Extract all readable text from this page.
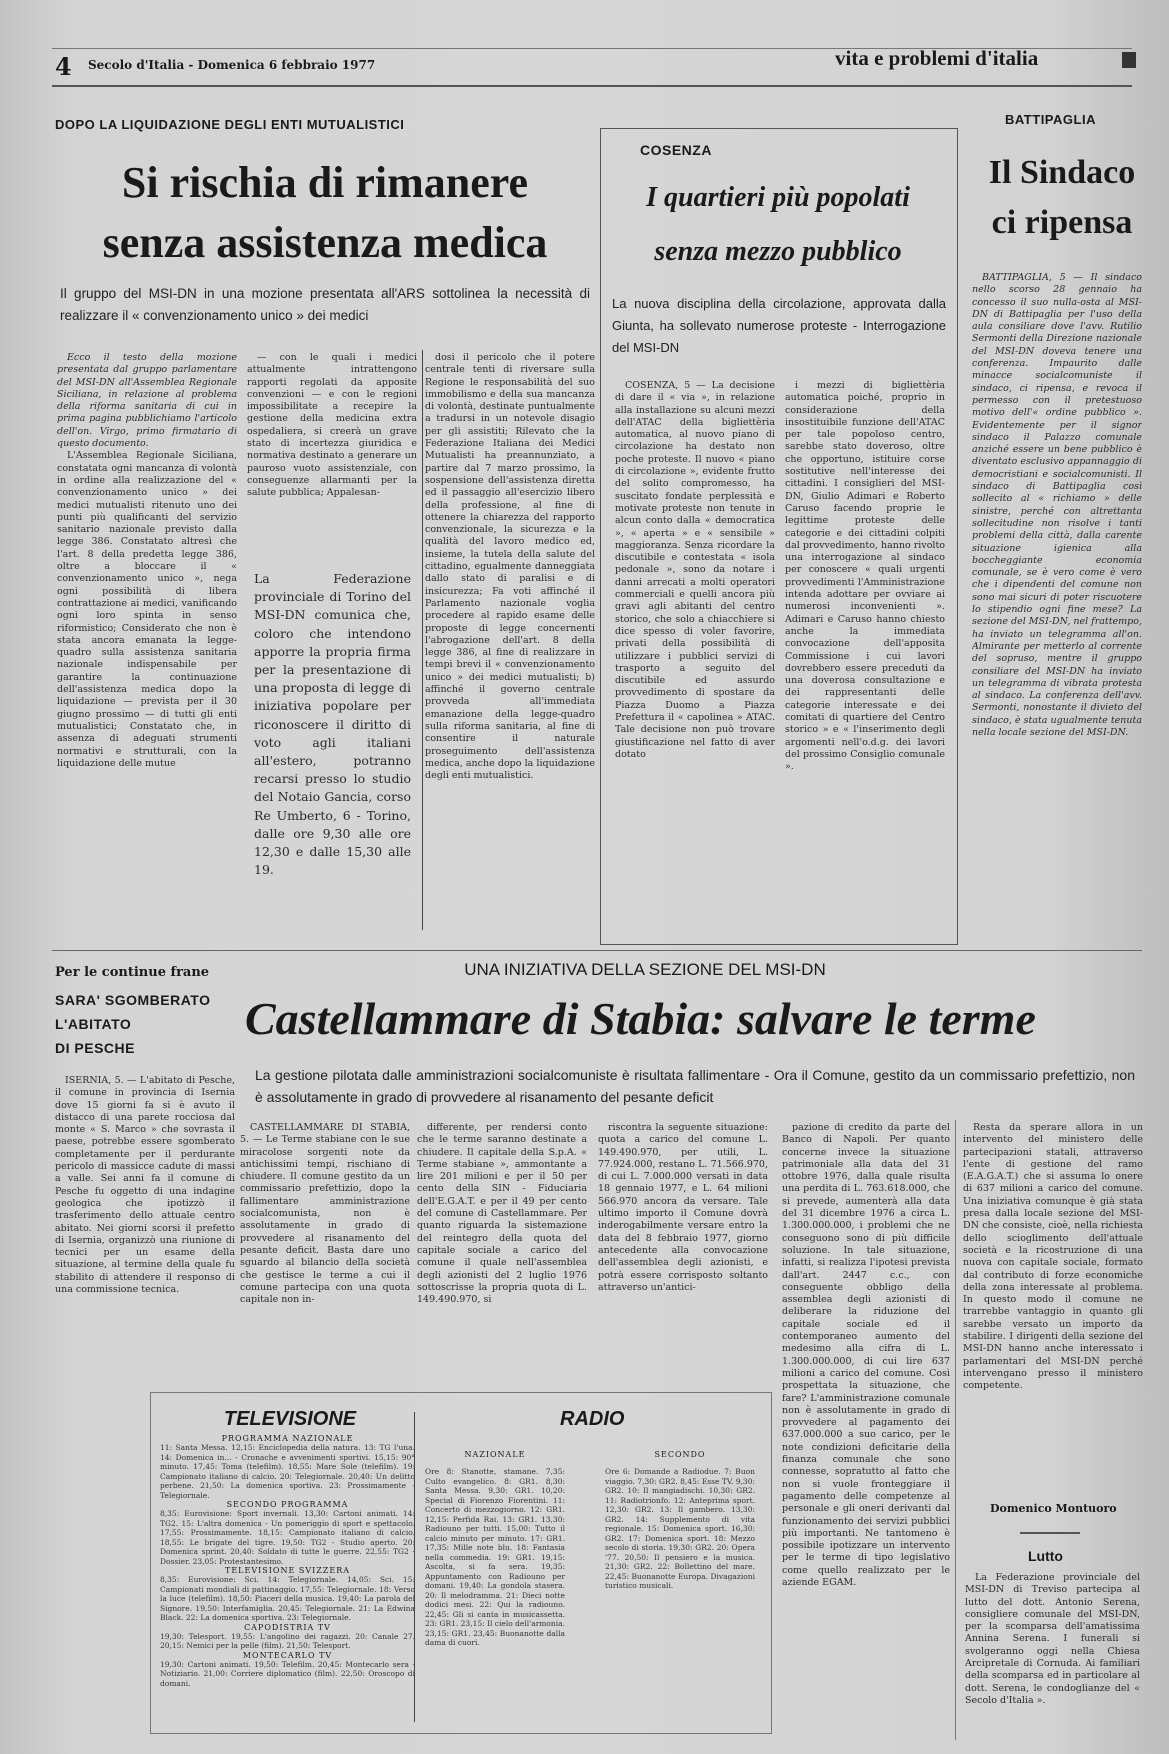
4 Secolo d'Italia - Domenica 6 febbraio 1977	vita e problemi d'italia
DOPO LA LIQUIDAZIONE DEGLI ENTI MUTUALISTICI
Si rischia di rimanere
senza assistenza medica
Il gruppo del MSI-DN in una mozione presentata all'ARS sottolinea la necessità di realizzare il « convenzionamento unico » dei medici

Ecco il testo della mozione presentata dal gruppo parlamentare del MSI-DN all'Assemblea Regionale Siciliana, in relazione al problema della riforma sanitaria di cui in prima pagina pubblichiamo l'articolo dell'on. Virgo, primo firmatario di questo documento.

L'Assemblea Regionale Siciliana, constatata ogni mancanza di volontà in ordine alla realizzazione del « convenzionamento unico » dei medici mutualisti ritenuto uno dei punti più qualificanti del servizio sanitario nazionale previsto dalla legge 386. Constatato altresì che l'art. 8 della predetta legge 386, oltre a bloccare il « convenzionamento unico », nega ogni possibilità di libera contrattazione ai medici, vanificando ogni loro spinta in senso riformistico; Considerato che non è stata ancora emanata la legge-quadro sulla assistenza sanitaria nazionale indispensabile per garantire la continuazione dell'assistenza medica dopo la liquidazione — prevista per il 30 giugno prossimo — di tutti gli enti mutualistici; Constatato che, in assenza di adeguati strumenti normativi e strutturali, con la liquidazione delle mutue

— con le quali i medici attualmente intrattengono rapporti regolati da apposite convenzioni — e con le regioni impossibilitate a recepire la gestione della medicina extra ospedaliera, si creerà un grave stato di incertezza giuridica e normativa destinato a generare un pauroso vuoto assistenziale, con conseguenze allarmanti per la salute pubblica; Appalesan-

La Federazione provinciale di Torino del MSI-DN comunica che, coloro che intendono apporre la propria firma per la presentazione di una proposta di legge di iniziativa popolare per riconoscere il diritto di voto agli italiani all'estero, potranno recarsi presso lo studio del Notaio Gancia, corso Re Umberto, 6 - Torino, dalle ore 9,30 alle ore 12,30 e dalle 15,30 alle 19.

dosi il pericolo che il potere centrale tenti di riversare sulla Regione le responsabilità del suo immobilismo e della sua mancanza di volontà, destinate puntualmente a tradursi in un notevole disagio per gli assistiti; Rilevato che la Federazione Italiana dei Medici Mutualisti ha preannunziato, a partire dal 7 marzo prossimo, la sospensione dell'assistenza diretta ed il passaggio all'esercizio libero della professione, al fine di ottenere la chiarezza del rapporto convenzionale, la sicurezza e la qualità del lavoro medico ed, insieme, la tutela della salute del cittadino, egualmente danneggiata dallo stato di paralisi e di insicurezza; Fa voti affinché il Parlamento nazionale voglia procedere al rapido esame delle proposte di legge concernenti l'abrogazione dell'art. 8 della legge 386, al fine di realizzare in tempi brevi il « convenzionamento unico » dei medici mutualisti; b) affinché il governo centrale provveda all'immediata emanazione della legge-quadro sulla riforma sanitaria, al fine di consentire il naturale proseguimento dell'assistenza medica, anche dopo la liquidazione degli enti mutualistici.

COSENZA
I quartieri più popolati
senza mezzo pubblico
La nuova disciplina della circolazione, approvata dalla Giunta, ha sollevato numerose proteste - Interrogazione del MSI-DN

COSENZA, 5 — La decisione di dare il « via », in relazione alla installazione su alcuni mezzi dell'ATAC della bigliettèria automatica, al nuovo piano di circolazione ha destato non poche proteste. Il nuovo « piano di circolazione », evidente frutto del solito compromesso, ha suscitato fondate perplessità e motivate proteste non tenute in alcun conto dalla « democratica », « aperta » e « sensibile » maggioranza. Senza ricordare la discutibile e contestata « isola pedonale », sono da notare i danni arrecati a molti operatori commerciali e quelli ancora più gravi agli abitanti del centro storico, che solo a chiacchiere si dice spesso di voler favorire, privati della possibilità di utilizzare i pubblici servizi di trasporto a seguito del discutibile ed assurdo provvedimento di spostare da Piazza Duomo a Piazza Prefettura il « capolinea » ATAC. Tale decisione non può trovare giustificazione nel fatto di aver dotato

i mezzi di bigliettèria automatica poiché, proprio in considerazione della insostituibile funzione dell'ATAC per tale popoloso centro, sarebbe stato doveroso, oltre che opportuno, istituire corse sostitutive nell'interesse dei cittadini. I consiglieri del MSI-DN, Giulio Adimari e Roberto Caruso facendo proprie le legittime proteste delle categorie e dei cittadini colpiti dal provvedimento, hanno rivolto una interrogazione al sindaco per conoscere « quali urgenti provvedimenti l'Amministrazione intenda adottare per ovviare ai numerosi inconvenienti ». Adimari e Caruso hanno chiesto anche la immediata convocazione dell'apposita Commissione i cui lavori dovrebbero essere preceduti da una doverosa consultazione e dei rappresentanti delle categorie interessate e dei comitati di quartiere del Centro storico » e « l'inserimento degli argomenti nell'o.d.g. dei lavori del prossimo Consiglio comunale ».

BATTIPAGLIA
Il Sindaco
ci ripensa

BATTIPAGLIA, 5 — Il sindaco nello scorso 28 gennaio ha concesso il suo nulla-osta al MSI-DN di Battipaglia per l'uso della aula consiliare dove l'avv. Rutilio Sermonti della Direzione nazionale del MSI-DN doveva tenere una conferenza. Impaurito dalle minacce socialcomuniste il sindaco, ci ripensa, e revoca il permesso con il pretestuoso motivo dell'« ordine pubblico ». Evidentemente per il signor sindaco il Palazzo comunale anziché essere un bene pubblico è diventato esclusivo appannaggio di democristiani e socialcomunisti. Il sindaco di Battipaglia così sollecito al « richiamo » delle sinistre, perché con altrettanta sollecitudine non risolve i tanti problemi della città, dalla carente situazione igienica alla boccheggiante economia comunale, se è vero come è vero che i dipendenti del comune non sono mai sicuri di poter riscuotere lo stipendio ogni fine mese? La sezione del MSI-DN, nel frattempo, ha inviato un telegramma all'on. Almirante per metterlo al corrente del sopruso, mentre il gruppo consiliare del MSI-DN ha inviato un telegramma di vibrata protesta al sindaco. La conferenza dell'avv. Sermonti, nonostante il divieto del sindaco, è stata ugualmente tenuta nella locale sezione del MSI-DN.

Per le continue frane
SARA' SGOMBERATO
L'ABITATO
DI PESCHE

ISERNIA, 5. — L'abitato di Pesche, il comune in provincia di Isernia dove 15 giorni fa si è avuto il distacco di una parete rocciosa dal monte « S. Marco » che sovrasta il paese, potrebbe essere sgomberato completamente per il perdurante pericolo di massicce cadute di massi a valle. Sei anni fa il comune di Pesche fu oggetto di una indagine geologica che ipotizzò il trasferimento dello attuale centro abitato. Nei giorni scorsi il prefetto di Isernia, organizzò una riunione di tecnici per un esame della situazione, al termine della quale fu stabilito di attendere il responso di una commissione tecnica.

UNA INIZIATIVA DELLA SEZIONE DEL MSI-DN
Castellammare di Stabia: salvare le terme
La gestione pilotata dalle amministrazioni socialcomuniste è risultata fallimentare - Ora il Comune, gestito da un commissario prefettizio, non è assolutamente in grado di provvedere al risanamento del pesante deficit

CASTELLAMMARE DI STABIA, 5. — Le Terme stabiane con le sue miracolose sorgenti note da antichissimi tempi, rischiano di chiudere. Il comune gestito da un commissario prefettizio, dopo la fallimentare amministrazione socialcomunista, non è assolutamente in grado di provvedere al risanamento del pesante deficit. Basta dare uno sguardo al bilancio della società che gestisce le terme a cui il comune partecipa con una quota capitale non in-

differente, per rendersi conto che le terme saranno destinate a chiudere. Il capitale della S.p.A. « Terme stabiane », ammontante a lire 201 milioni e per il 50 per cento della SIN - Fiduciaria dell'E.G.A.T. e per il 49 per cento del comune di Castellammare. Per quanto riguarda la sistemazione del reintegro della quota del capitale sociale a carico del comune il quale nell'assemblea degli azionisti del 2 luglio 1976 sottoscrisse la propria quota di L. 149.490.970, si

riscontra la seguente situazione: quota a carico del comune L. 149.490.970, per utili, L. 77.924.000, restano L. 71.566.970, di cui L. 7.000.000 versati in data 18 gennaio 1977, e L. 64 milioni 566.970 ancora da versare. Tale ultimo importo il Comune dovrà inderogabilmente versare entro la data del 8 febbraio 1977, giorno antecedente alla convocazione dell'assemblea degli azionisti, e potrà essere corrisposto soltanto attraverso un'antici-

pazione di credito da parte del Banco di Napoli. Per quanto concerne invece la situazione patrimoniale alla data del 31 ottobre 1976, dalla quale risulta una perdita di L. 763.618.000, che si prevede, aumenterà alla data del 31 dicembre 1976 a circa L. 1.300.000.000, i problemi che ne conseguono sono di più difficile soluzione. In tale situazione, infatti, si realizza l'ipotesi prevista dall'art. 2447 c.c., con conseguente obbligo della assemblea degli azionisti di deliberare la riduzione del capitale sociale ed il contemporaneo aumento del medesimo alla cifra di L. 1.300.000.000, di cui lire 637 milioni a carico del comune. Così prospettata la situazione, che fare? L'amministrazione comunale non è assolutamente in grado di provvedere al pagamento dei 637.000.000 a suo carico, per le note condizioni deficitarie della finanza comunale che sono connesse, sopratutto al fatto che non si vuole fronteggiare il pagamento delle competenze al personale e gli oneri derivanti dal funzionamento dei servizi pubblici più importanti. Ne tantomeno è possibile ipotizzare un intervento per le terme di tipo legislativo come quello realizzato per le aziende EGAM.

Resta da sperare allora in un intervento del ministero delle partecipazioni statali, attraverso l'ente di gestione del ramo (E.A.G.A.T.) che si assuma lo onere di 637 milioni a carico del comune. Una iniziativa comunque è già stata presa dalla locale sezione del MSI-DN che consiste, cioè, nella richiesta dello scioglimento dell'attuale società e la ricostruzione di una nuova con capitale sociale, formato dal contributo di forze economiche della zona interessate al problema. In questo modo il comune ne trarrebbe vantaggio in quanto gli sarebbe versato un importo da stabilire. I dirigenti della sezione del MSI-DN hanno anche interessato i parlamentari del MSI-DN perché intervengano presso il ministero competente.

Domenico Montuoro
Lutto

La Federazione provinciale del MSI-DN di Treviso partecipa al lutto del dott. Antonio Serena, consigliere comunale del MSI-DN, per la scomparsa dell'amatissima Annina Serena. I funerali si svolgeranno oggi nella Chiesa Arcipretale di Cornuda. Ai familiari della scomparsa ed in particolare al dott. Serena, le condoglianze del « Secolo d'Italia ».

TELEVISIONE
PROGRAMMA NAZIONALE
11: Santa Messa. 12,15: Enciclopedia della natura. 13: TG l'una. 14: Domenica in... - Cronache e avvenimenti sportivi. 15,15: 90° minuto. 17,45: Toma (telefilm). 18,55: Mare Sole (telefilm). 19: Campionato italiano di calcio. 20: Telegiornale. 20,40: Un delitto perbene. 21,50: La domenica sportiva. 23: Prossimamente - Telegiornale.
SECONDO PROGRAMMA
8,35: Eurovisione: Sport invernali. 13,30: Cartoni animati. 14: TG2. 15: L'altra domenica - Un pomeriggio di sport e spettacolo. 17,55: Prossimamente. 18,15: Campionato italiano di calcio. 18,55: Le brigate del tigre. 19,50: TG2 - Studio aperto. 20: Domenica sprint. 20,40: Soldato di tutte le guerre. 22,55: TG2 - Dossier. 23,05: Protestantesimo.
TELEVISIONE SVIZZERA
8,35: Eurovisione: Sci. 14: Telegiornale. 14,05: Sci. 15: Campionati mondiali di pattinaggio. 17,55: Telegiornale. 18: Verso la luce (telefilm). 18,50: Piaceri della musica. 19,40: La parola del Signore. 19,50: Interfamiglia. 20,45: Telegiornale. 21: La Edwina Black. 22: La domenica sportiva. 23: Telegiornale.
CAPODISTRIA TV
19,30: Telesport. 19,55: L'angolino dei ragazzi. 20: Canale 27. 20,15: Nemici per la pelle (film). 21,50: Telesport.
MONTECARLO TV
19,30: Cartoni animati. 19,50: Telefilm. 20,45: Montecarlo sera - Notiziario. 21,00: Corriere diplomatico (film). 22,50: Oroscopo di domani.
RADIO
NAZIONALE
Ore 8: Stanotte, stamane. 7,35: Culto evangelico. 8: GR1. 8,30: Santa Messa. 9,30: GR1. 10,20: Special di Fiorenzo Fiorentini. 11: Concerto di mezzogiorno. 12: GR1. 12,15: Perfida Rai. 13: GR1. 13,30: Radiouno per tutti. 15,00: Tutto il calcio minuto per minuto. 17: GR1. 17,35: Mille note blu. 18: Fantasia nella commedia. 19: GR1. 19,15: Ascolta, si fa sera. 19,35: Appuntamento con Radiouno per domani. 19,40: La gondola stasera. 20: Il melodramma. 21: Dieci notte dodici mesi. 22: Qui la radiouno. 22,45: Gli si canta in musicassetta. 23: GR1. 23,15: Il cielo dell'armonia. 23,15: GR1. 23,45: Buonanotte dalla dama di cuori.
SECONDO
Ore 6: Domande a Radiodue. 7: Buon viaggio. 7,30: GR2. 8,45: Esse TV. 9,30: GR2. 10: Il mangiadischi. 10,30: GR2. 11: Radiotrionfo. 12: Anteprima sport. 12,30: GR2. 13: Il gambero. 13,30: GR2. 14: Supplemento di vita regionale. 15: Domenica sport. 16,30: GR2. 17: Domenica sport. 18: Mezzo secolo di storia. 19,30: GR2. 20: Opera '77. 20,50: Il pensiero e la musica. 21,30: GR2. 22: Bollettino del mare. 22,45: Buonanotte Europa. Divagazioni turistico musicali.
